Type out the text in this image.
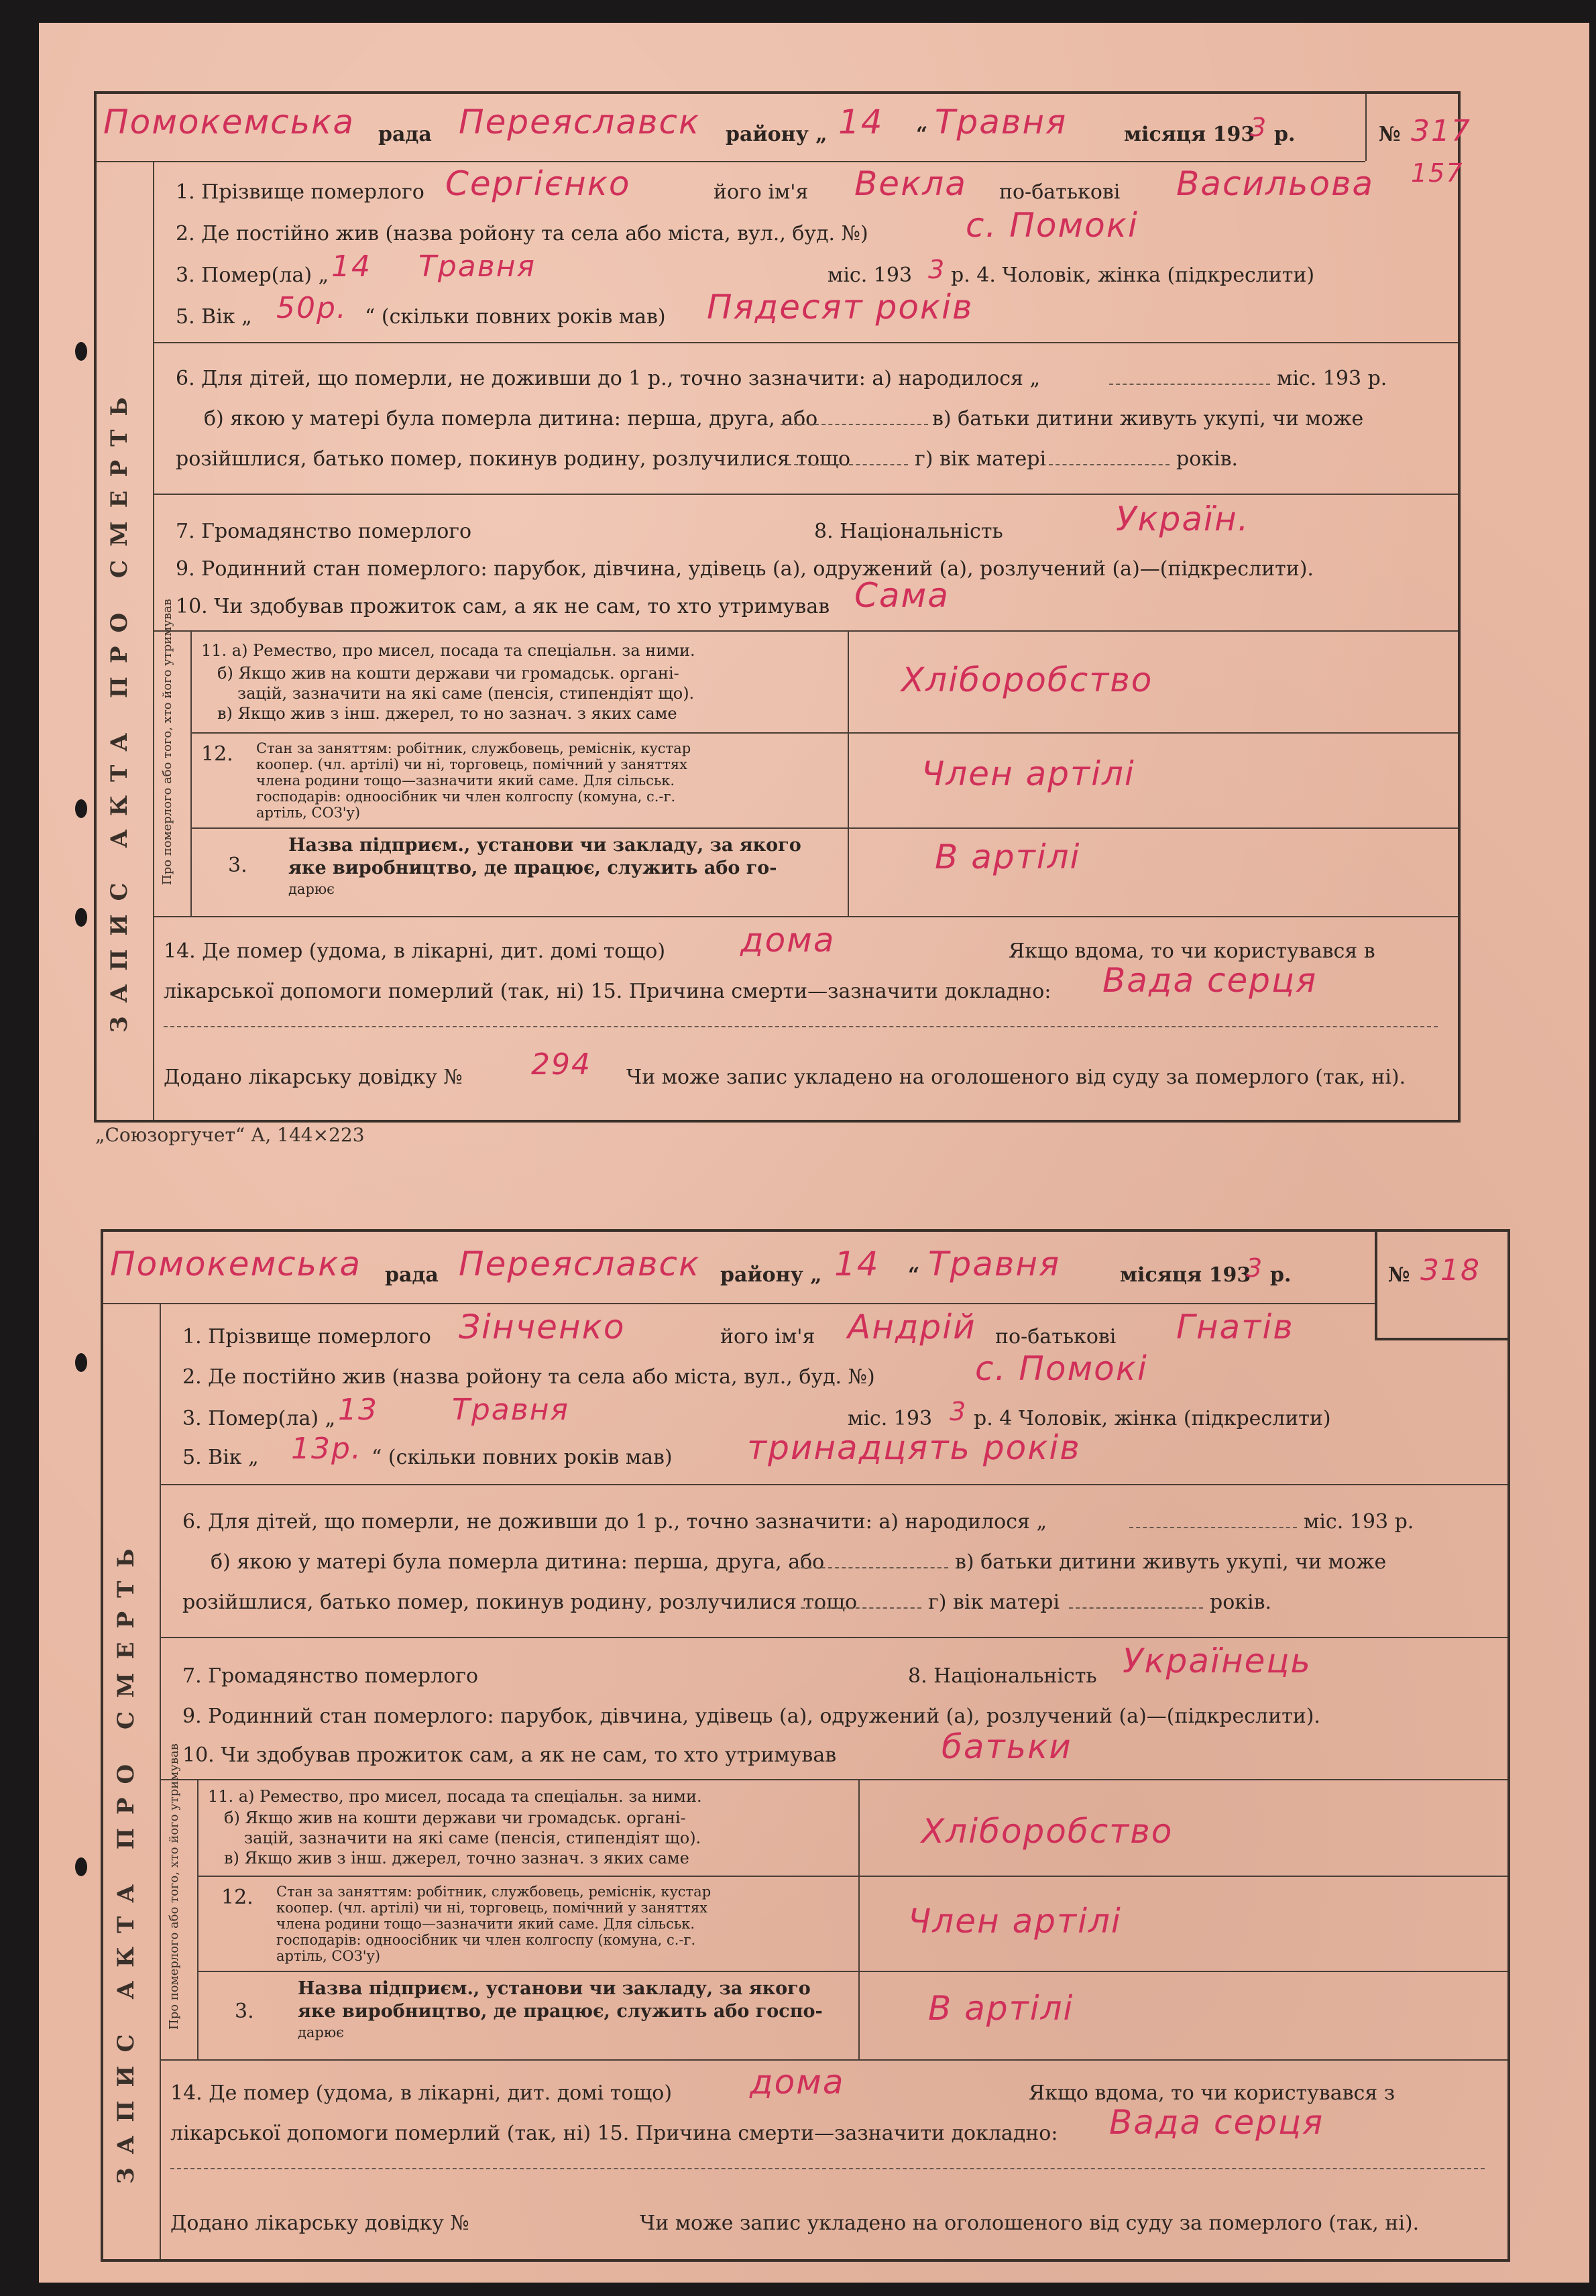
Помокемська рада Переяславск району „ 14 “ Травня	місяця 193
3 р.	№ 317
157
ЗАПИС АКТА ПРО СМЕРТЬ
1. Прізвище померлого Сергієнко	його ім'я Векла по-батькові Васильова
2. Де постійно жив (назва ройону та села або міста, вул., буд. №)	с. Помокі
3. Помер(ла) „ 14 Травня	міс. 193 3 р. 4. Чоловік, жінка (підкреслити)
5. Вік „ 50р. “ (скільки повних років мав) Пядесят років
6. Для дітей, що померли, не доживши до 1 р., точно зазначити: а) народилося „	міс. 193 р.
б) якою у матері була померла дитина: перша, друга, або	в) батьки дитини живуть укупі, чи може
розійшлися, батько помер, покинув родину, розлучилися тощо	г) вік матері	років.
7. Громадянство померлого	8. Національність	Україн.
9. Родинний стан померлого: парубок, дівчина, удівець (а), одружений (а), розлучений (а)—(підкреслити).
10. Чи здобував прожиток сам, а як не сам, то хто утримував Сама
Про померлого або того, хто його утримував 11. а) Ремество, про мисел, посада та спеціальн. за ними.
б) Якщо жив на кошти держави чи громадськ. органі-
зацій, зазначити на які саме (пенсія, стипендіят що).
в) Якщо жив з інш. джерел, то но зазнач. з яких саме
Хліборобство
12. Стан за заняттям: робітник, службовець, реміснік, кустар
коопер. (чл. артілі) чи ні, торговець, помічний у заняттях
члена родини тощо—зазначити який саме. Для сільськ.
господарів: одноосібник чи член колгоспу (комуна, с.-г.
артіль, СОЗ'у)
Член артілі
3.
Назва підприєм., установи чи закладу, за якого
яке виробництво, де працює, служить або го-
дарює
В артілі
14. Де помер (удома, в лікарні, дит. домі тощо) дома	Якщо вдома, то чи користувався в
лікарської допомоги померлий (так, ні) 15. Причина смерти—зазначити докладно: Вада серця
Додано лікарську довідку № 294 Чи може запис укладено на оголошеного від суду за померлого (так, ні).
„Союзоргучет“ А, 144×223
Помокемська рада Переяславск району „ 14 “ Травня	місяця 193
3 р.	№ 318
ЗАПИС АКТА ПРО СМЕРТЬ
1. Прізвище померлого Зінченко	його ім'я Андрій по-батькові Гнатів
2. Де постійно жив (назва ройону та села або міста, вул., буд. №)	с. Помокі
3. Помер(ла) „ 13	Травня	міс. 193 3 р. 4 Чоловік, жінка (підкреслити)
5. Вік „ 13р. “ (скільки повних років мав) тринадцять років
6. Для дітей, що померли, не доживши до 1 р., точно зазначити: а) народилося „	міс. 193 р.
б) якою у матері була померла дитина: перша, друга, або	в) батьки дитини живуть укупі, чи може
розійшлися, батько помер, покинув родину, розлучилися тощо	г) вік матері	років.
7. Громадянство померлого	8. Національність Українець
9. Родинний стан померлого: парубок, дівчина, удівець (а), одружений (а), розлучений (а)—(підкреслити).
10. Чи здобував прожиток сам, а як не сам, то хто утримував	батьки
Про померлого або того, хто його утримував 11. а) Ремество, про мисел, посада та спеціальн. за ними.
б) Якщо жив на кошти держави чи громадськ. органі-
зацій, зазначити на які саме (пенсія, стипендіят що).
в) Якщо жив з інш. джерел, точно зазнач. з яких саме
Хліборобство
12. Стан за заняттям: робітник, службовець, реміснік, кустар
коопер. (чл. артілі) чи ні, торговець, помічний у заняттях
члена родини тощо—зазначити який саме. Для сільськ.
господарів: одноосібник чи член колгоспу (комуна, с.-г.
артіль, СОЗ'у)
Член артілі
3.
Назва підприєм., установи чи закладу, за якого
яке виробництво, де працює, служить або госпо-
дарює
В артілі
14. Де помер (удома, в лікарні, дит. домі тощо) дома	Якщо вдома, то чи користувався з
лікарської допомоги померлий (так, ні) 15. Причина смерти—зазначити докладно: Вада серця
Додано лікарську довідку №	Чи може запис укладено на оголошеного від суду за померлого (так, ні).
